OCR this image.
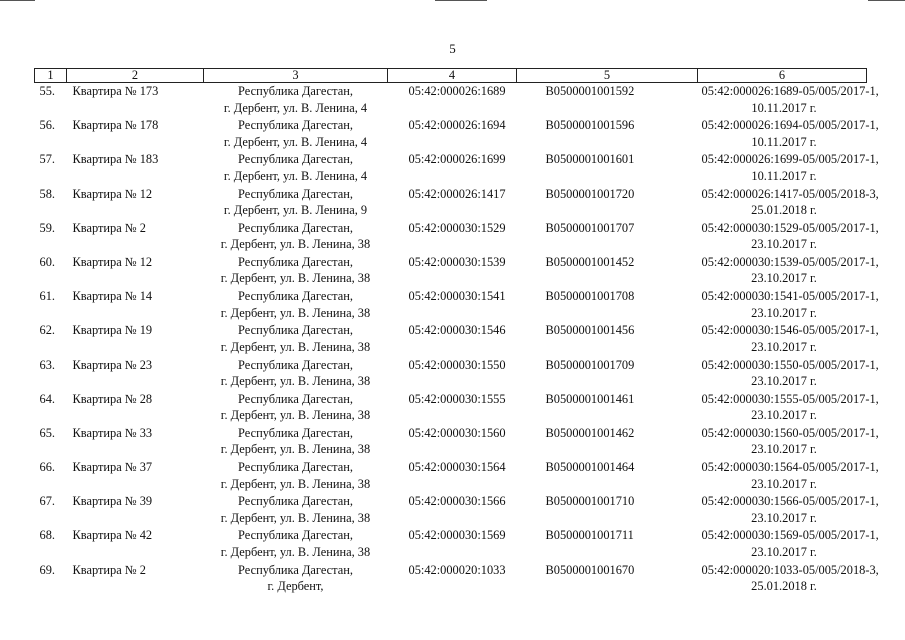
5
1	2	3	4	5	6

55.	Квартира № 173	Республика Дагестан,
г. Дербент, ул. В. Ленина, 4	05:42:000026:1689	В0500001001592	05:42:000026:1689-05/005/2017-1,
10.11.2017 г.

56.	Квартира № 178	Республика Дагестан,
г. Дербент, ул. В. Ленина, 4	05:42:000026:1694	В0500001001596	05:42:000026:1694-05/005/2017-1,
10.11.2017 г.

57.	Квартира № 183	Республика Дагестан,
г. Дербент, ул. В. Ленина, 4	05:42:000026:1699	В0500001001601	05:42:000026:1699-05/005/2017-1,
10.11.2017 г.

58.	Квартира № 12	Республика Дагестан,
г. Дербент, ул. В. Ленина, 9	05:42:000026:1417	В0500001001720	05:42:000026:1417-05/005/2018-3,
25.01.2018 г.

59.	Квартира № 2	Республика Дагестан,
г. Дербент, ул. В. Ленина, 38	05:42:000030:1529	В0500001001707	05:42:000030:1529-05/005/2017-1,
23.10.2017 г.

60.	Квартира № 12	Республика Дагестан,
г. Дербент, ул. В. Ленина, 38	05:42:000030:1539	В0500001001452	05:42:000030:1539-05/005/2017-1,
23.10.2017 г.

61.	Квартира № 14	Республика Дагестан,
г. Дербент, ул. В. Ленина, 38	05:42:000030:1541	В0500001001708	05:42:000030:1541-05/005/2017-1,
23.10.2017 г.

62.	Квартира № 19	Республика Дагестан,
г. Дербент, ул. В. Ленина, 38	05:42:000030:1546	В0500001001456	05:42:000030:1546-05/005/2017-1,
23.10.2017 г.

63.	Квартира № 23	Республика Дагестан,
г. Дербент, ул. В. Ленина, 38	05:42:000030:1550	В0500001001709	05:42:000030:1550-05/005/2017-1,
23.10.2017 г.

64.	Квартира № 28	Республика Дагестан,
г. Дербент, ул. В. Ленина, 38	05:42:000030:1555	В0500001001461	05:42:000030:1555-05/005/2017-1,
23.10.2017 г.

65.	Квартира № 33	Республика Дагестан,
г. Дербент, ул. В. Ленина, 38	05:42:000030:1560	В0500001001462	05:42:000030:1560-05/005/2017-1,
23.10.2017 г.

66.	Квартира № 37	Республика Дагестан,
г. Дербент, ул. В. Ленина, 38	05:42:000030:1564	В0500001001464	05:42:000030:1564-05/005/2017-1,
23.10.2017 г.

67.	Квартира № 39	Республика Дагестан,
г. Дербент, ул. В. Ленина, 38	05:42:000030:1566	В0500001001710	05:42:000030:1566-05/005/2017-1,
23.10.2017 г.

68.	Квартира № 42	Республика Дагестан,
г. Дербент, ул. В. Ленина, 38	05:42:000030:1569	В0500001001711	05:42:000030:1569-05/005/2017-1,
23.10.2017 г.

69.	Квартира № 2	Республика Дагестан,
г. Дербент,	05:42:000020:1033	В0500001001670	05:42:000020:1033-05/005/2018-3,
25.01.2018 г.
